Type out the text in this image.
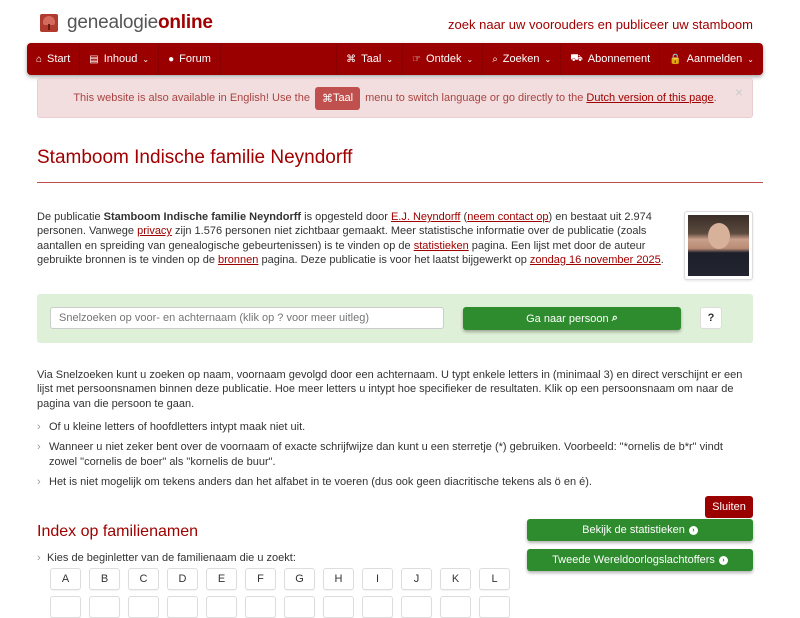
genealogieonline	zoek naar uw voorouders en publiceer uw stamboom
⌂ Start ▤ Inhoud ⌄ ● Forum	⌘ Taal ⌄ ☞ Ontdek ⌄ ⌕ Zoeken ⌄ ⛟ Abonnement 🔒 Aanmelden ⌄
This website is also available in English! Use the ⌘ Taal menu to switch language or go directly to the Dutch version of this page . ×
Stamboom Indische familie Neyndorff
De publicatie Stamboom Indische familie Neyndorff is opgesteld door E.J. Neyndorff (neem contact op) en bestaat uit 2.974 personen. Vanwege privacy zijn 1.576 personen niet zichtbaar gemaakt. Meer statistische informatie over de publicatie (zoals aantallen en spreiding van genealogische gebeurtenissen) is te vinden op de statistieken pagina. Een lijst met door de auteur gebruikte bronnen is te vinden op de bronnen pagina. Deze publicatie is voor het laatst bijgewerkt op zondag 16 november 2025.
Snelzoeken op voor- en achternaam (klik op ? voor meer uitleg)
Ga naar persoon
⌕	?
Via Snelzoeken kunt u zoeken op naam, voornaam gevolgd door een achternaam. U typt enkele letters in (minimaal 3) en direct verschijnt er een lijst met persoonsnamen binnen deze publicatie. Hoe meer letters u intypt hoe specifieker de resultaten. Klik op een persoonsnaam om naar de pagina van die persoon te gaan.
› Of u kleine letters of hoofdletters intypt maak niet uit.
› Wanneer u niet zeker bent over de voornaam of exacte schrijfwijze dan kunt u een sterretje (*) gebruiken. Voorbeeld: "*ornelis de b*r" vindt zowel "cornelis de boer" als "kornelis de buur".
› Het is niet mogelijk om tekens anders dan het alfabet in te voeren (dus ook geen diacritische tekens als ö en é).
Sluiten
Index op familienamen	Bekijk de statistieken	›
Tweede Wereldoorlogslachtoffers	›
› Kies de beginletter van de familienaam die u zoekt:
A	B	C	D	E	F	G	H	I	J	K	L
